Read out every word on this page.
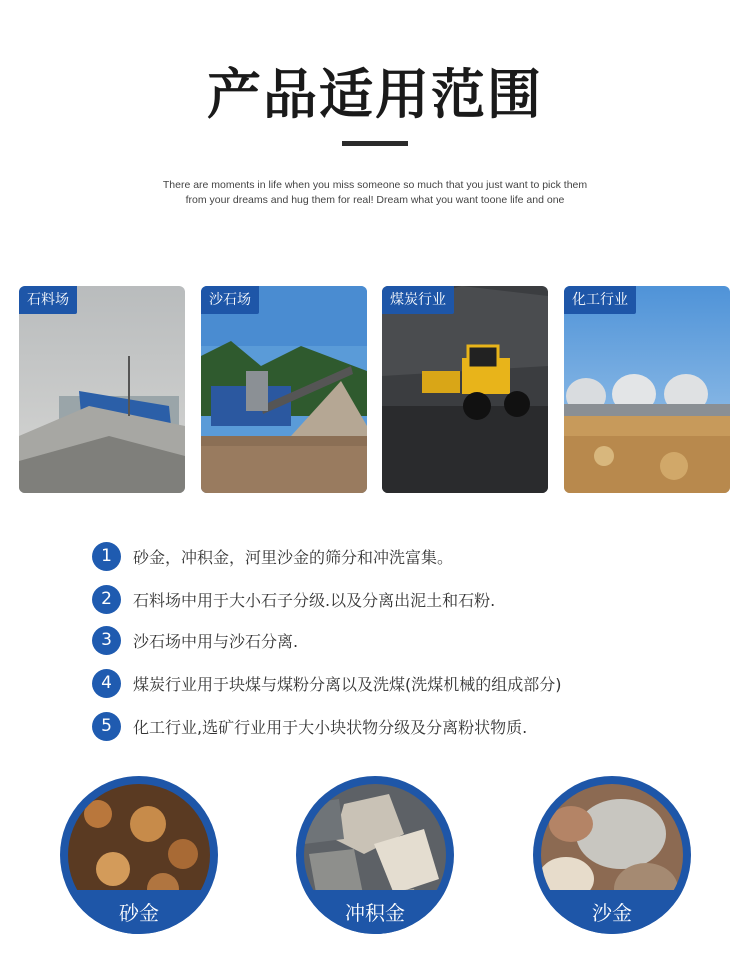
产品适用范围

There are moments in life when you miss someone so much that you just want to pick them from your dreams and hug them for real! Dream what you want toone life and one

石料场	沙石场	煤炭行业	化工行业
1	砂金，冲积金，河里沙金的筛分和冲洗富集。
2	石料场中用于大小石子分级.以及分离出泥土和石粉.
3	沙石场中用与沙石分离.
4	煤炭行业用于块煤与煤粉分离以及洗煤(洗煤机械的组成部分)
5	化工行业,选矿行业用于大小块状物分级及分离粉状物质.
砂金	冲积金	沙金
